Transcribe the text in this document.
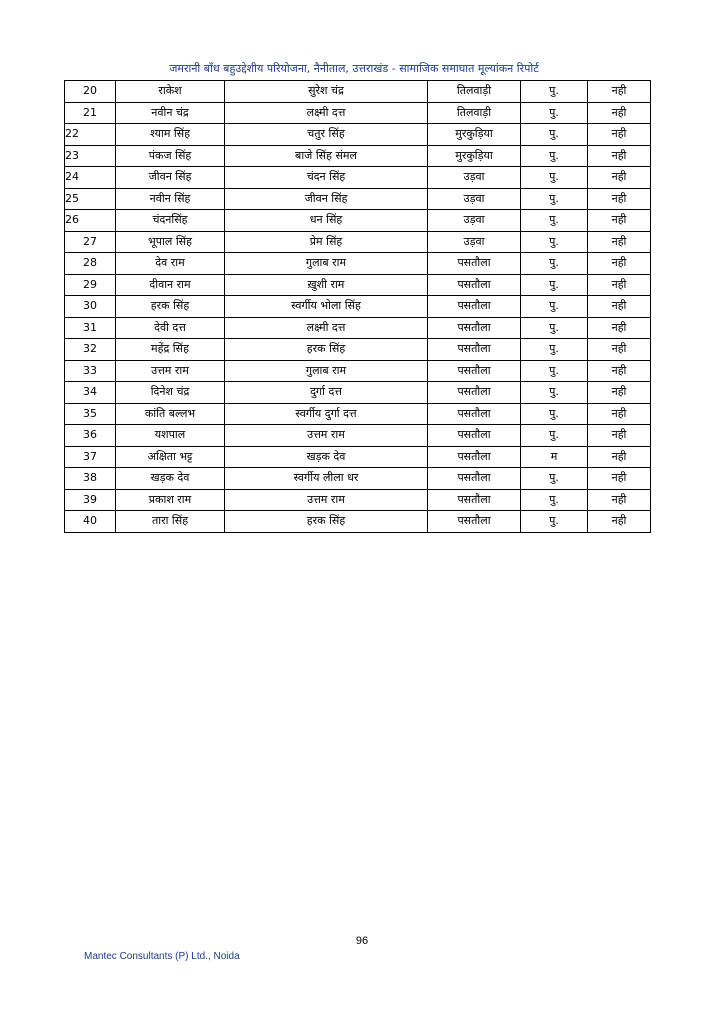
जमरानी बाँध बहुउद्देशीय परियोजना, नैनीताल, उत्तराखंड - सामाजिक समाघात मूल्यांकन रिपोर्ट
20	राकेश	सुरेश चंद्र	तिलवाड़ी	पु.	नही
21	नवीन चंद्र	लक्ष्मी दत्त	तिलवाड़ी	पु.	नही
22	श्याम सिंह	चतुर सिंह	मुरकुड़िया	पु.	नही
23	पंकज सिंह	बाजे सिंह संमल	मुरकुड़िया	पु.	नही
24	जीवन सिंह	चंदन सिंह	उड़वा	पु.	नही
25	नवीन सिंह	जीवन सिंह	उड़वा	पु.	नही
26	चंदनसिंह	धन सिंह	उड़वा	पु.	नही
27	भूपाल सिंह	प्रेम सिंह	उड़वा	पु.	नही
28	देव राम	गुलाब राम	पसतौला	पु.	नही
29	दीवान राम	ख़ुशी राम	पसतौला	पु.	नही
30	हरक सिंह	स्वर्गीय भोला सिंह	पसतौला	पु.	नही
31	देवी दत्त	लक्ष्मी दत्त	पसतौला	पु.	नही
32	महेंद्र सिंह	हरक सिंह	पसतौला	पु.	नही
33	उत्तम राम	गुलाब राम	पसतौला	पु.	नही
34	दिनेश चंद्र	दुर्गा दत्त	पसतौला	पु.	नही
35	कांति बल्लभ	स्वर्गीय दुर्गा दत्त	पसतौला	पु.	नही
36	यशपाल	उत्तम राम	पसतौला	पु.	नही
37	अक्षिता भट्ट	खड़क देव	पसतौला	म	नही
38	खड़क देव	स्वर्गीय लीला धर	पसतौला	पु.	नही
39	प्रकाश राम	उत्तम राम	पसतौला	पु.	नही
40	तारा सिंह	हरक सिंह	पसतौला	पु.	नही
96
Mantec Consultants (P) Ltd., Noida
